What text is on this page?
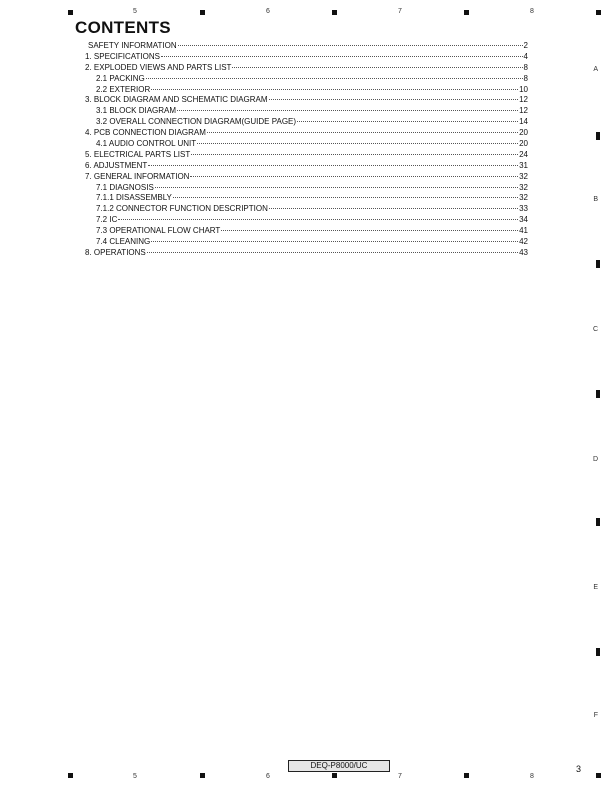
5	6	7	8
A
B
C
D
E
F
CONTENTS
SAFETY INFORMATION	2
1. SPECIFICATIONS	4
2. EXPLODED VIEWS AND PARTS LIST	8
2.1 PACKING	8
2.2 EXTERIOR	10
3. BLOCK DIAGRAM AND SCHEMATIC DIAGRAM	12
3.1 BLOCK DIAGRAM	12
3.2 OVERALL CONNECTION DIAGRAM(GUIDE PAGE)	14
4. PCB CONNECTION DIAGRAM	20
4.1 AUDIO CONTROL UNIT	20
5. ELECTRICAL PARTS LIST	24
6. ADJUSTMENT	31
7. GENERAL INFORMATION	32
7.1 DIAGNOSIS	32
7.1.1 DISASSEMBLY	32
7.1.2 CONNECTOR FUNCTION DESCRIPTION	33
7.2 IC	34
7.3 OPERATIONAL FLOW CHART	41
7.4 CLEANING	42
8. OPERATIONS	43
DEQ-P8000/UC	3
5	6	7	8
